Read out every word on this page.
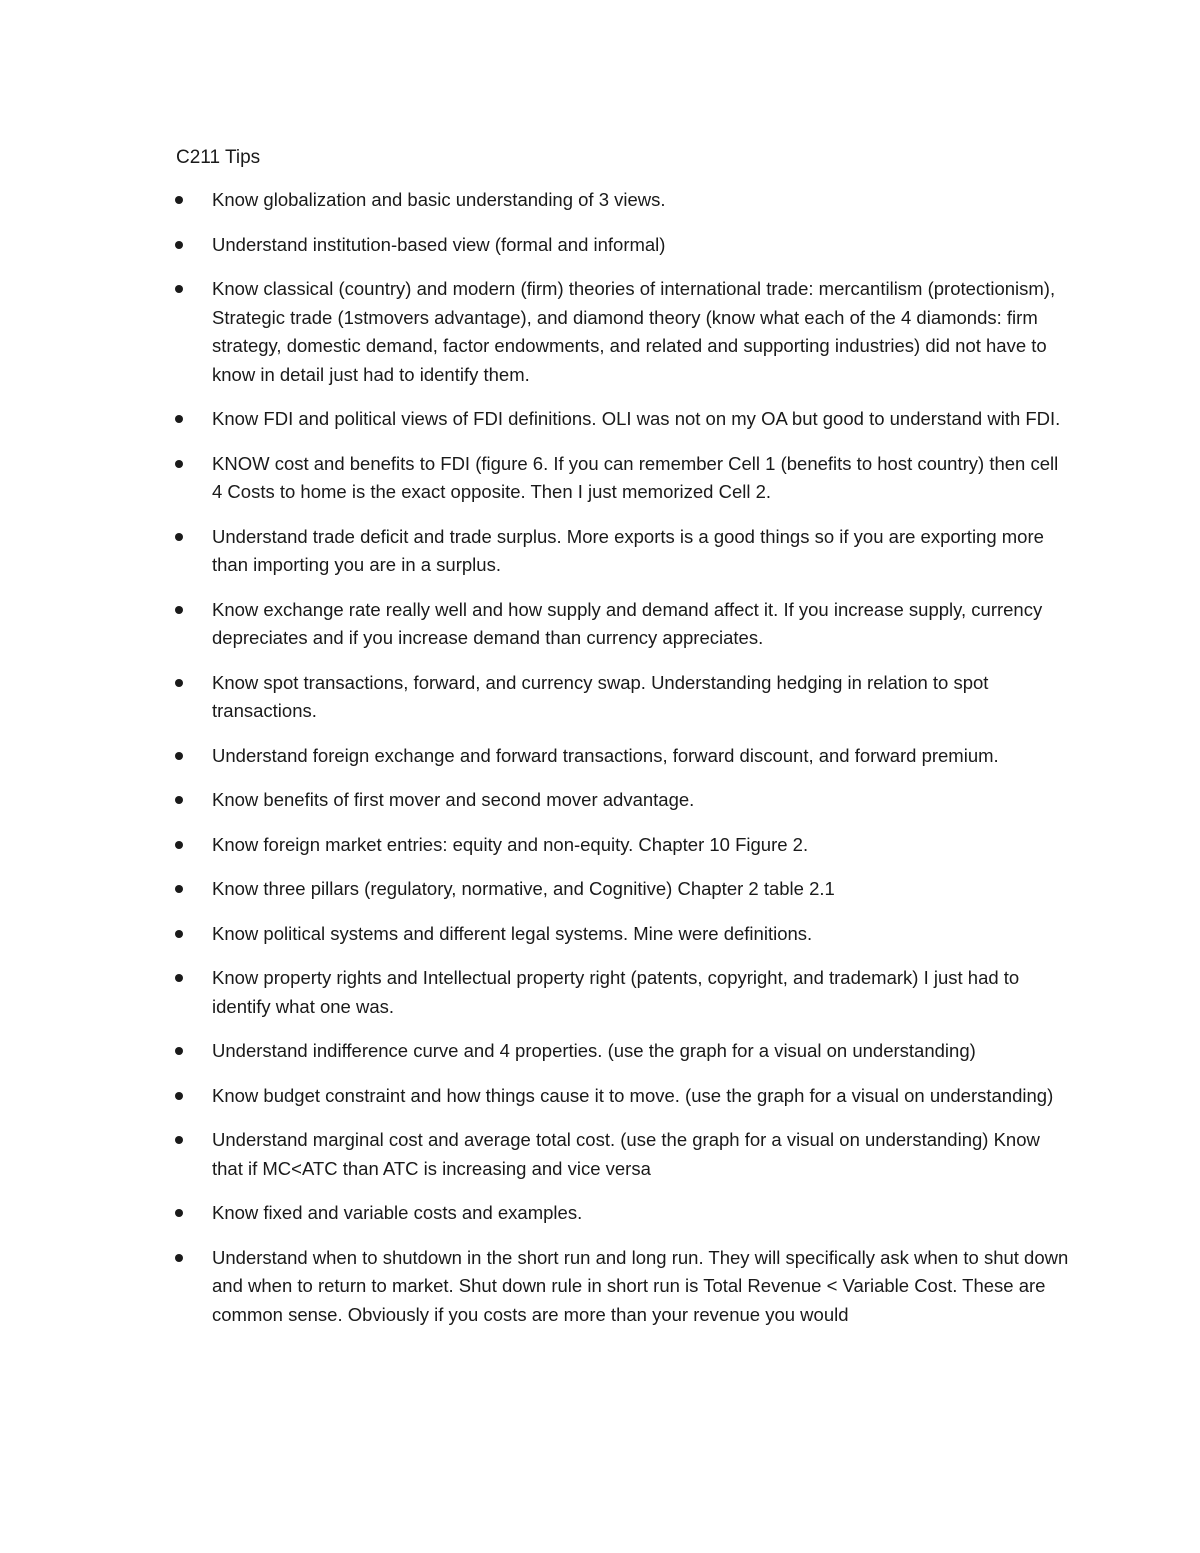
C211 Tips
Know globalization and basic understanding of 3 views.
Understand institution-based view (formal and informal)
Know classical (country) and modern (firm) theories of international trade: mercantilism (protectionism), Strategic trade (1stmovers advantage), and diamond theory (know what each of the 4 diamonds: firm strategy, domestic demand, factor endowments, and related and supporting industries) did not have to know in detail just had to identify them.
Know FDI and political views of FDI definitions. OLI was not on my OA but good to understand with FDI.
KNOW cost and benefits to FDI (figure 6. If you can remember Cell 1 (benefits to host country) then cell 4 Costs to home is the exact opposite. Then I just memorized Cell 2.
Understand trade deficit and trade surplus. More exports is a good things so if you are exporting more than importing you are in a surplus.
Know exchange rate really well and how supply and demand affect it. If you increase supply, currency depreciates and if you increase demand than currency appreciates.
Know spot transactions, forward, and currency swap. Understanding hedging in relation to spot transactions.
Understand foreign exchange and forward transactions, forward discount, and forward premium.
Know benefits of first mover and second mover advantage.
Know foreign market entries: equity and non-equity. Chapter 10 Figure 2.
Know three pillars (regulatory, normative, and Cognitive) Chapter 2 table 2.1
Know political systems and different legal systems. Mine were definitions.
Know property rights and Intellectual property right (patents, copyright, and trademark) I just had to identify what one was.
Understand indifference curve and 4 properties. (use the graph for a visual on understanding)
Know budget constraint and how things cause it to move. (use the graph for a visual on understanding)
Understand marginal cost and average total cost. (use the graph for a visual on understanding) Know that if MC<ATC than ATC is increasing and vice versa
Know fixed and variable costs and examples.
Understand when to shutdown in the short run and long run. They will specifically ask when to shut down and when to return to market. Shut down rule in short run is Total Revenue < Variable Cost. These are common sense. Obviously if you costs are more than your revenue you would
